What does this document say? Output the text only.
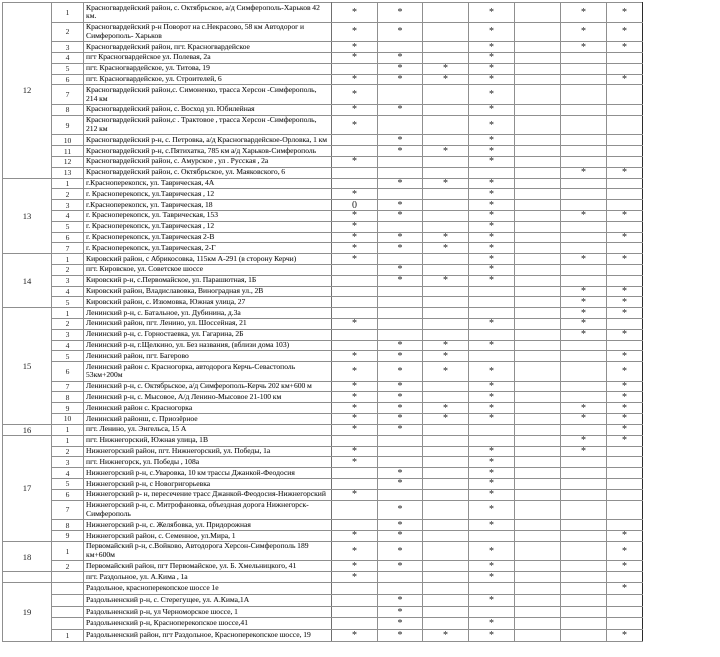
12	1	Красногвардейский район, с. Октябрьское, а/д Симферополь-Харьков 42 км.	*	*		*		*	*
	2	Красногвардейский р-н Поворот на с.Некрасово, 58 км Автодорог и Симферополь- Харьков	*	*		*		*	*
	3	Красногвардейский район, пгт. Красногвардейское	*			*		*	*
	4	пгт Красногвардейское ул. Полевая, 2а	*	*		*			
	5	пгт. Красногвардейское, ул. Титова, 19		*	*	*			
	6	пгт. Красногвардейское, ул. Строителей, 6	*	*	*	*			*
	7	Красногвардейский район,с. Симоненко, трасса Херсон -Симферополь, 214 км	*			*			
	8	Красногвардейский район, с. Восход ул. Юбилейная	*	*		*			
	9	Красногвардейский район,с . Трактовое , трасса Херсон -Симферополь, 212 км	*			*			
	10	Красногвардейский р-н, с. Петровка, а/д Красногвардейское-Орловка, 1 км		*		*			
	11	Красногвардейский р-н, с.Пятихатка, 785 км а/д Харьков-Симферополь		*	*	*			
	12	Красногвардейский район, с. Амурское , ул . Русская , 2а	*			*			
	13	Красногвардейский район, с. Октябрьское, ул. Маяковского, 6						*	*
13	1	г.Красноперекопск, ул. Таврическая, 4А		*	*	*			
	2	г. Красноперекопск, ул.Таврическая , 12	*			*			
	3	г.Красноперекопск, ул. Таврическая, 18	0	*		*			
	4	г. Красноперекопск, ул. Таврическая, 153	*	*		*		*	*
	5	г. Красноперекопск, ул.Таврическая , 12	*			*			
	6	г. Красноперекопск, ул.Таврическая 2-В	*	*	*	*			*
	7	г. Красноперекопск, ул.Таврическая, 2-Г	*	*	*	*			
14	1	Кировский район, с Абрикосовка, 115км А-291 (в сторону Керчи)	*			*		*	*
	2	пгт. Кировское, ул. Советское шоссе		*		*			
	3	Кировский р-н, с.Первомайское, ул. Парашютная, 1Б		*	*	*			
	4	Кировский район, Владиславовка, Виноградная ул., 2В						*	*
	5	Кировский район, с. Изюмовка, Южная улица, 27						*	*
15	1	Ленинский р-н, с. Батальное, ул. Дубинина, д.3а						*	*
	2	Ленинский район, пгт. Ленино, ул. Шоссейная, 21	*			*		*	
	3	Ленинский р-н, с. Горностаевка, ул. Гагарина, 2Б						*	*
	4	Ленинский р-н, г.Щелкино, ул. Без названия, (вблизи дома 103)		*	*	*			
	5	Ленинский район, пгт. Багерово	*	*	*				*
	6	Ленинский район с. Красногорка, автодорога Керчь-Севастополь 53км+200м	*	*	*	*			*
	7	Ленинский р-н, с. Октябрьское, а/д Симферополь-Керчь 202 км+600 м	*	*		*			*
	8	Ленинский р-н, с. Мысовое, А/д Ленино-Мысовое 21-100 км	*	*		*			*
	9	Ленинский район с. Красногорка	*	*	*	*		*	*
	10	Ленинский районш, с. Приозёрное	*	*	*	*		*	*
16	1	пгт. Ленино, ул. Энгельса, 15 А	*	*					*
17	1	пгт. Нижнегорский, Южная улица, 1В						*	*
	2	Нижнегорский район, пгт. Нижнегорский, ул. Победы, 1а	*			*		*	
	3	пгт. Нижнегорск, ул. Победы , 108а	*			*			
	4	Нижнегорский р-н, с.Уваровка, 10 км трассы Джанкой-Феодосия		*		*			
	5	Нижнегорский р-н, с Новогригорьевка		*		*			
	6	Нижнегорский р- н, пересечение трасс Джанкой-Феодосия-Нижнегорский	*			*			
	7	Нижнегорский р-н, с. Митрофановка, объездная дорога Нижнегорск-Симферополь		*		*			
	8	Нижнегорский р-н, с. Желябовка, ул. Придорожная		*		*			
	9	Нижнегорский район, с. Семенное, ул.Мира, 1	*	*					*
18	1	Первомайский р-н, с.Войково, Автодорога Херсон-Симферополь 189 км+600м	*	*		*			*
	2	Первомайский район, пгт Первомайское, ул. Б. Хмельницкого, 41	*	*		*			*
		пгт. Раздольное, ул. А.Кима , 1а	*			*			
19		Раздольное, красноперекопское шоссе 1е							*
		Раздольненский р-н, с. Стерегущее, ул. А.Кима,1А		*		*			
		Раздольненский р-н, ул Черноморское шоссе, 1		*					
		Раздольненский р-н, Красноперекопское шоссе,41		*		*			
	1	Раздольненский район, пгт Раздольное, Красноперекопское шоссе, 19	*	*	*	*			*
